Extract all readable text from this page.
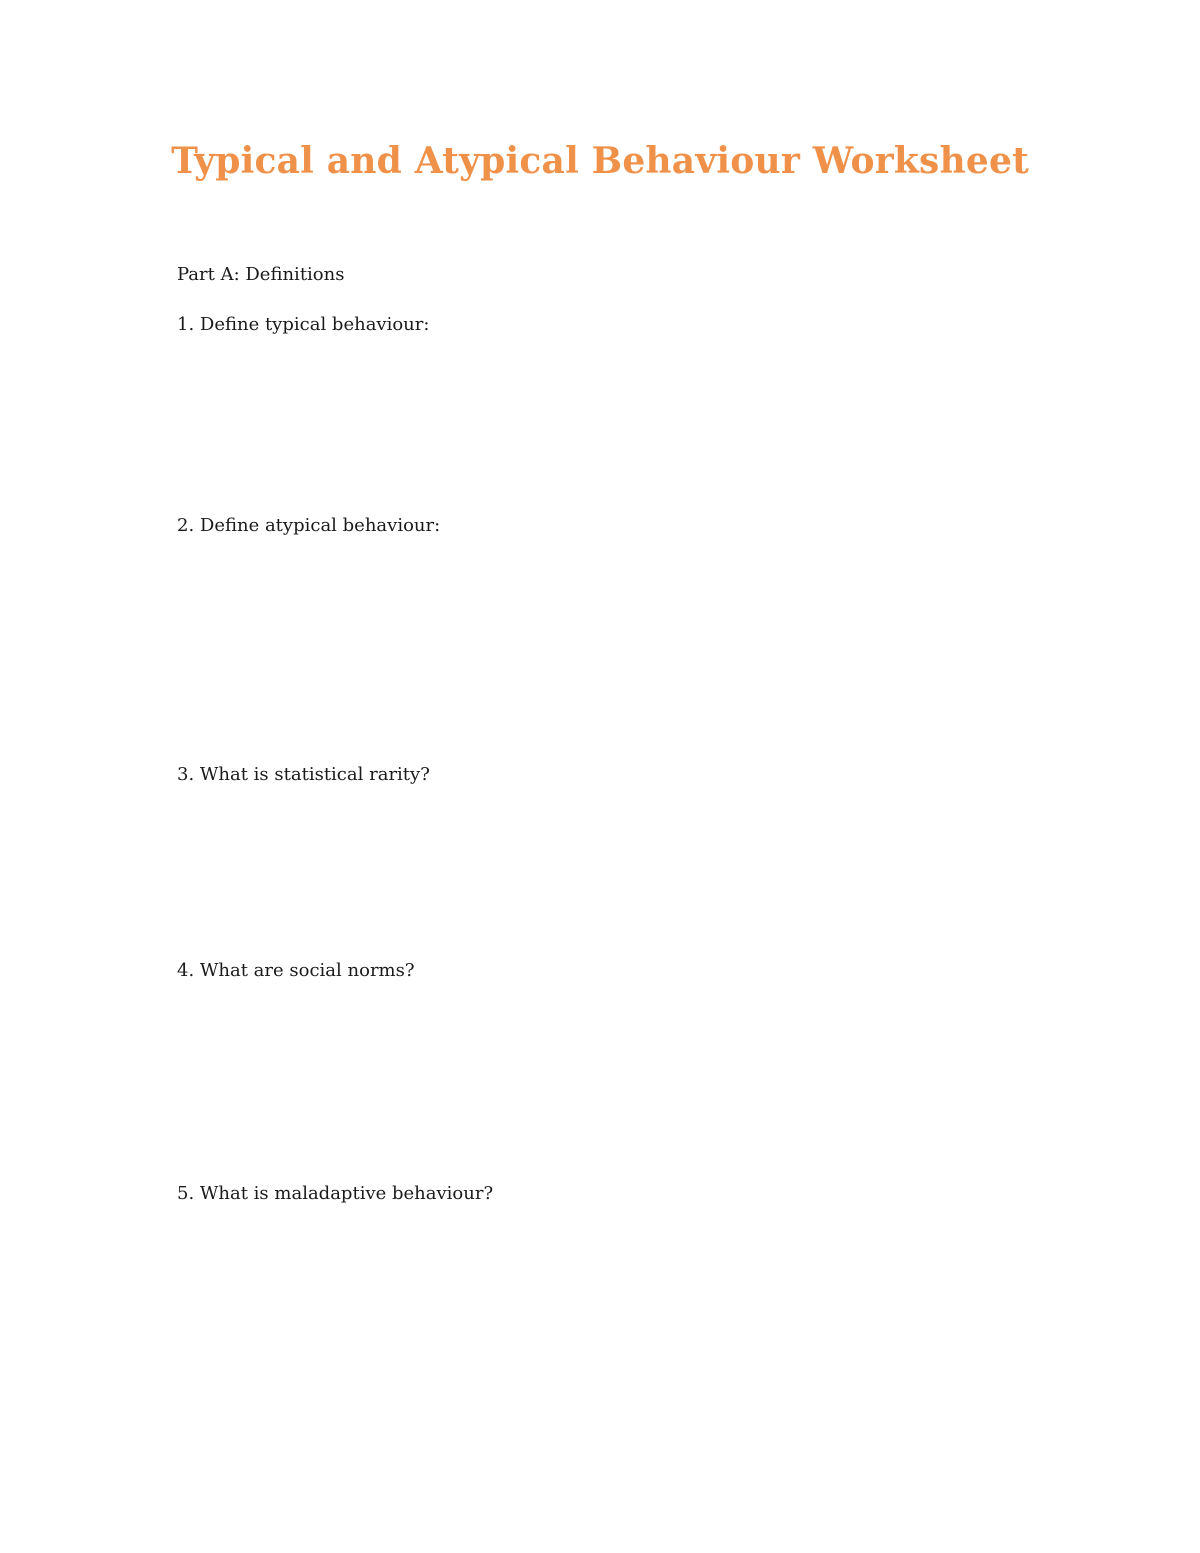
Typical and Atypical Behaviour Worksheet

Part A: Definitions

1. Define typical behaviour:

2. Define atypical behaviour:

3. What is statistical rarity?

4. What are social norms?

5. What is maladaptive behaviour?
